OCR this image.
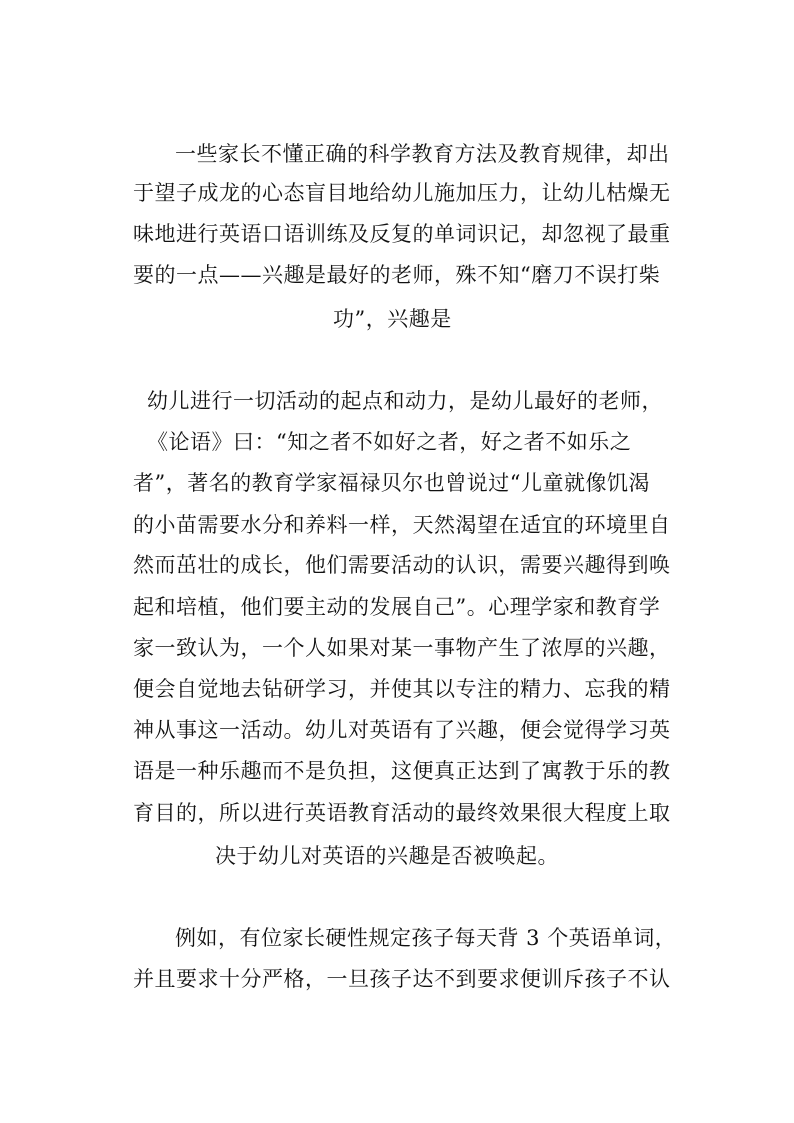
一些家长不懂正确的科学教育方法及教育规律，却出
于望子成龙的心态盲目地给幼儿施加压力，让幼儿枯燥无
味地进行英语口语训练及反复的单词识记，却忽视了最重
要的一点——兴趣是最好的老师，殊不知“磨刀不误打柴
功”，兴趣是
幼儿进行一切活动的起点和动力，是幼儿最好的老师，
《论语》曰：“知之者不如好之者，好之者不如乐之
者”，著名的教育学家福禄贝尔也曾说过“儿童就像饥渴
的小苗需要水分和养料一样，天然渴望在适宜的环境里自
然而茁壮的成长，他们需要活动的认识，需要兴趣得到唤
起和培植，他们要主动的发展自己”。心理学家和教育学
家一致认为，一个人如果对某一事物产生了浓厚的兴趣，
便会自觉地去钻研学习，并使其以专注的精力、忘我的精
神从事这一活动。幼儿对英语有了兴趣，便会觉得学习英
语是一种乐趣而不是负担，这便真正达到了寓教于乐的教
育目的，所以进行英语教育活动的最终效果很大程度上取
决于幼儿对英语的兴趣是否被唤起。
例如，有位家长硬性规定孩子每天背 3 个英语单词，
并且要求十分严格，一旦孩子达不到要求便训斥孩子不认
